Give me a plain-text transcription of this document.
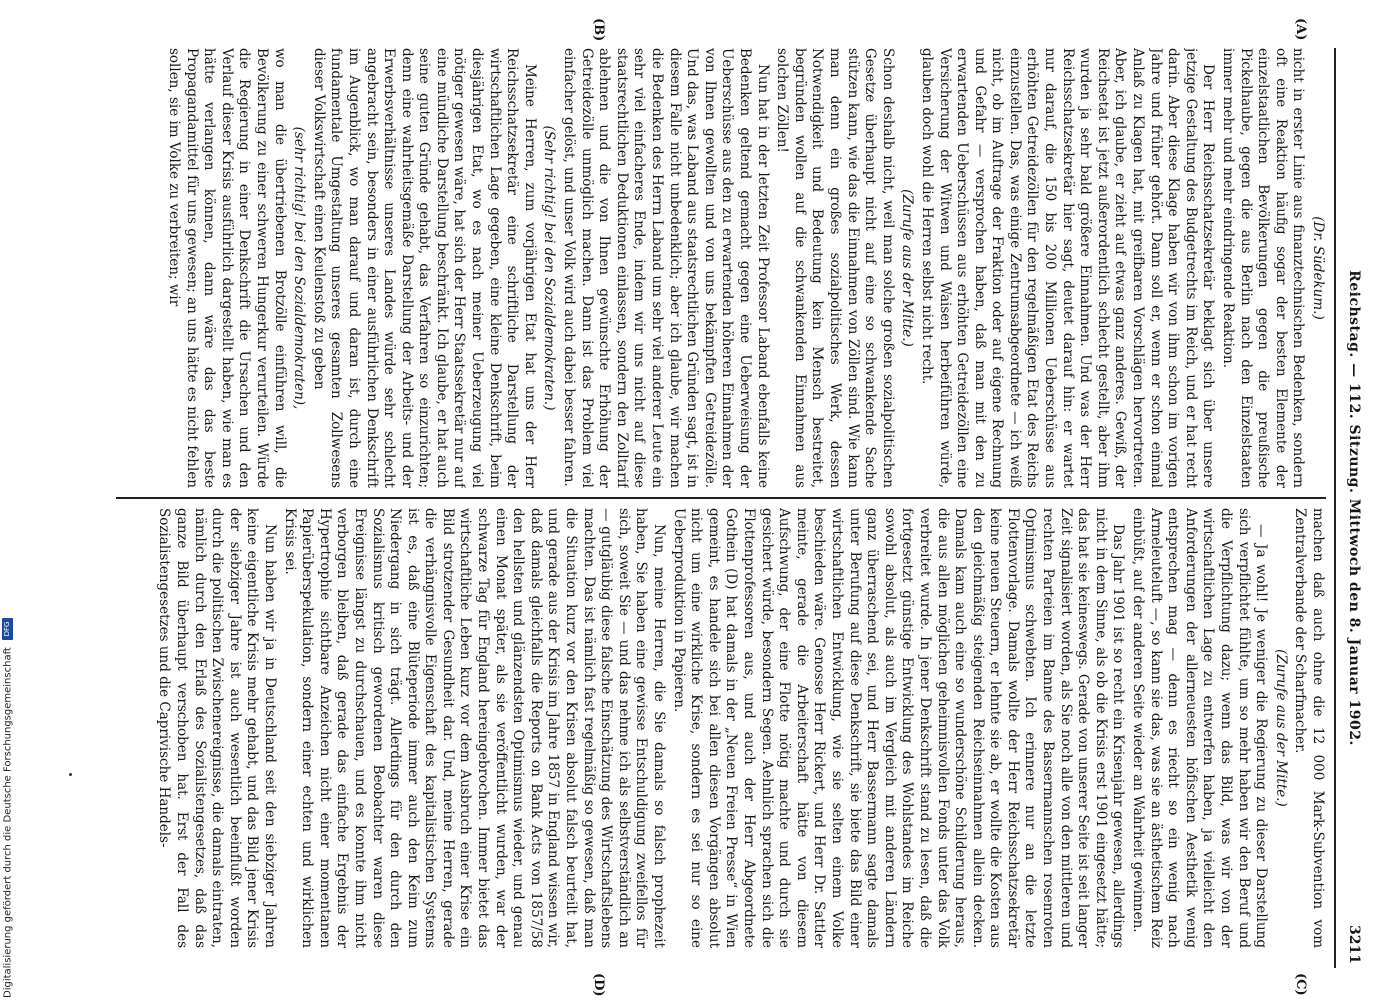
Reichstag. — 112. Sitzung. Mittwoch den 8. Januar 1902.
3211
(A)
(B)
(C)
(D)

(Dr. Südekum.)

nicht in erster Linie aus finanztechnischen Bedenken, sondern oft eine Reaktion häufig sogar der besten Elemente der einzelstaatlichen Bevölkerungen gegen die preußische Pickelhaube, gegen die aus Berlin nach den Einzelstaaten immer mehr und mehr eindringende Reaktion.

Der Herr Reichsschatzsekretär beklagt sich über unsere jetzige Gestaltung des Budgetrechts im Reich, und er hat recht darin. Aber diese Klage haben wir von ihm schon im vorigen Jahre und früher gehört. Dann soll er, wenn er schon einmal Anlaß zu Klagen hat, mit greifbaren Vorschlägen hervortreten. Aber, ich glaube, er zieht auf etwas ganz anderes. Gewiß, der Reichsetat ist jetzt außerordentlich schlecht gestellt, aber ihm wurden ja sehr bald größere Einnahmen. Und was der Herr Reichsschatzsekretär hier sagt, deutet darauf hin: er wartet nur darauf, die 150 bis 200 Millionen Ueberschüsse aus erhöhten Getreidezöllen für den regelmäßigen Etat des Reichs einzustellen. Das, was einige Zentrumsabgeordnete — ich weiß nicht, ob im Auftrage der Fraktion oder auf eigene Rechnung und Gefahr — versprochen haben, daß man mit den zu erwartenden Ueberschüssen aus erhöhten Getreidezöllen eine Versicherung der Witwen und Waisen herbeiführen würde, glauben doch wohl die Herren selbst nicht recht.

(Zurufe aus der Mitte.)

Schon deshalb nicht, weil man solche großen sozialpolitischen Gesetze überhaupt nicht auf eine so schwankende Sache stützen kann, wie das die Einnahmen von Zöllen sind. Wie kann man denn ein großes sozialpolitisches Werk, dessen Notwendigkeit und Bedeutung kein Mensch bestreitet, begründen wollen auf die schwankenden Einnahmen aus solchen Zöllen!

Nun hat in der letzten Zeit Professor Laband ebenfalls keine Bedenken geltend gemacht gegen eine Ueberweisung der Ueberschüsse aus den zu erwartenden höheren Einnahmen der von Ihnen gewollten und von uns bekämpften Getreidezölle. Und das, was Laband aus staatsrechtlichen Gründen sagt, ist in diesem Falle nicht unbedenklich; aber ich glaube, wir machen die Bedenken des Herrn Laband um sehr viel anderer Leute ein sehr viel einfacheres Ende, indem wir uns nicht auf diese staatsrechtlichen Deduktionen einlassen, sondern den Zolltarif ablehnen und die von Ihnen gewünschte Erhöhung der Getreidezölle unmöglich machen. Dann ist das Problem viel einfacher gelöst, und unser Volk wird auch dabei besser fahren.

(Sehr richtig! bei den Sozialdemokraten.)

Meine Herren, zum vorjährigen Etat hat uns der Herr Reichsschatzsekretär eine schriftliche Darstellung der wirtschaftlichen Lage gegeben, eine kleine Denkschrift, beim diesjährigen Etat, wo es nach meiner Ueberzeugung viel nötiger gewesen wäre, hat sich der Herr Staatssekretär nur auf eine mündliche Darstellung beschränkt. Ich glaube, er hat auch seine guten Gründe gehabt, das Verfahren so einzurichten; denn eine wahrheitsgemäße Darstellung der Arbeits- und der Erwerbsverhältnisse unseres Landes würde sehr schlecht angebracht sein, besonders in einer ausführlichen Denkschrift im Augenblick, wo man darauf und daran ist, durch eine fundamentale Umgestaltung unseres gesamten Zollwesens dieser Volkswirtschaft einen Keulenstoß zu geben

(sehr richtig! bei den Sozialdemokraten),

wo man die übertriebenen Brotzölle einführen will, die Bevölkerung zu einer schweren Hungerkur verurteilen. Würde die Regierung in einer Denkschrift die Ursachen und den Verlauf dieser Krisis ausführlich dargestellt haben, wie man es hätte verlangen können, dann wäre das das beste Propagandamittel für uns gewesen; an uns hätte es nicht fehlen sollen, sie im Volke zu verbreiten; wir

machen daß auch ohne die 12 000 Mark-Subvention vom Zentralverbande der Scharfmacher.

(Zurufe aus der Mitte.)

— Ja wohl! Je weniger die Regierung zu dieser Darstellung sich verpflichtet fühlte, um so mehr haben wir den Beruf und die Verpflichtung dazu; wenn das Bild, was wir von der wirtschaftlichen Lage zu entwerfen haben, ja vielleicht den Anforderungen der allerneuesten höfischen Aesthetik wenig entsprechen mag — denn es riecht so ein wenig nach Armeleuteluft —, so kann sie das, was sie an ästhetischem Reiz einbüßt, auf der anderen Seite wieder an Wahrheit gewinnen.

Das Jahr 1901 ist so recht ein Krisenjahr gewesen, allerdings nicht in dem Sinne, als ob die Krisis erst 1901 eingesetzt hätte; das hat sie keineswegs. Gerade von unserer Seite ist seit langer Zeit signalisiert worden, als Sie noch alle von den mittleren und rechten Parteien im Banne des Bassermannschen rosenroten Optimismus schwebten. Ich erinnere nur an die letzte Flottenvorlage. Damals wollte der Herr Reichsschatzsekretär keine neuen Steuern, er lehnte sie ab, er wollte die Kosten aus den gleichmäßig steigenden Reichseinnahmen allein decken. Damals kam auch eine so wunderschöne Schilderung heraus, die aus allen möglichen geheimnisvollen Fonds unter das Volk verbreitet wurde. In jener Denkschrift stand zu lesen, daß die fortgesetzt günstige Entwicklung des Wohlstandes im Reiche sowohl absolut, als auch im Vergleich mit anderen Ländern ganz überraschend sei, und Herr Bassermann sagte damals unter Berufung auf diese Denkschrift, sie biete das Bild einer wirtschaftlichen Entwicklung, wie sie selten einem Volke beschieden wäre. Genosse Herr Rickert, und Herr Dr. Sattler meinte, gerade die Arbeiterschaft hätte von diesem Aufschwung, der eine Flotte nötig machte und durch sie gesichert würde, besondern Segen. Aehnlich sprachen sich die Flottenprofessoren aus, und auch der Herr Abgeordnete Gothein (D) hat damals in der „Neuen Freien Presse“ in Wien gemeint, es handele sich bei allen diesen Vorgängen absolut nicht um eine wirkliche Krise, sondern es sei nur so eine Ueberproduktion in Papieren.

Nun, meine Herren, die Sie damals so falsch prophezeit haben, Sie haben eine gewisse Entschuldigung zweifellos für sich, soweit Sie — und das nehme ich als selbstverständlich an — gutgläubig diese falsche Einschätzung des Wirtschaftslebens machten. Das ist nämlich fast regelmäßig so gewesen, daß man die Situation kurz vor den Krisen absolut falsch beurteilt hat, und gerade aus der Krisis im Jahre 1857 in England wissen wir, daß damals gleichfalls die Reports on Bank Acts von 1857/58 den hellsten und glänzendsten Optimismus wieder, und genau einen Monat später, als sie veröffentlicht wurden, war der schwarze Tag für England hereingebrochen. Immer bietet das wirtschaftliche Leben kurz vor dem Ausbruch einer Krise ein Bild strotzender Gesundheit dar. Und, meine Herren, gerade die verhängnisvolle Eigenschaft des kapitalistischen Systems ist es, daß eine Blüteperiode immer auch den Keim zum Niedergang in sich trägt. Allerdings für den durch den Sozialismus kritisch gewordenen Beobachter waren diese Ereignisse längst zu durchschauen, und es konnte ihm nicht verborgen bleiben, daß gerade das einfache Ergebnis der Hypertrophie sichtbare Anzeichen nicht einer momentanen Papierüberspekulation, sondern einer echten und wirklichen Krisis sei.

Nun haben wir ja in Deutschland seit den siebziger Jahren keine eigentliche Krisis mehr gehabt, und das Bild jener Krisis der siebziger Jahre ist auch wesentlich beeinflußt worden durch die politischen Zwischenereignisse, die damals eintraten, nämlich durch den Erlaß des Sozialistengesetzes, daß das ganze Bild überhaupt verschoben hat. Erst der Fall des Sozialistengesetzes und die Caprivische Handels-

Digitalisierung gefördert durch die Deutsche Forschungsgemeinschaft DFG
